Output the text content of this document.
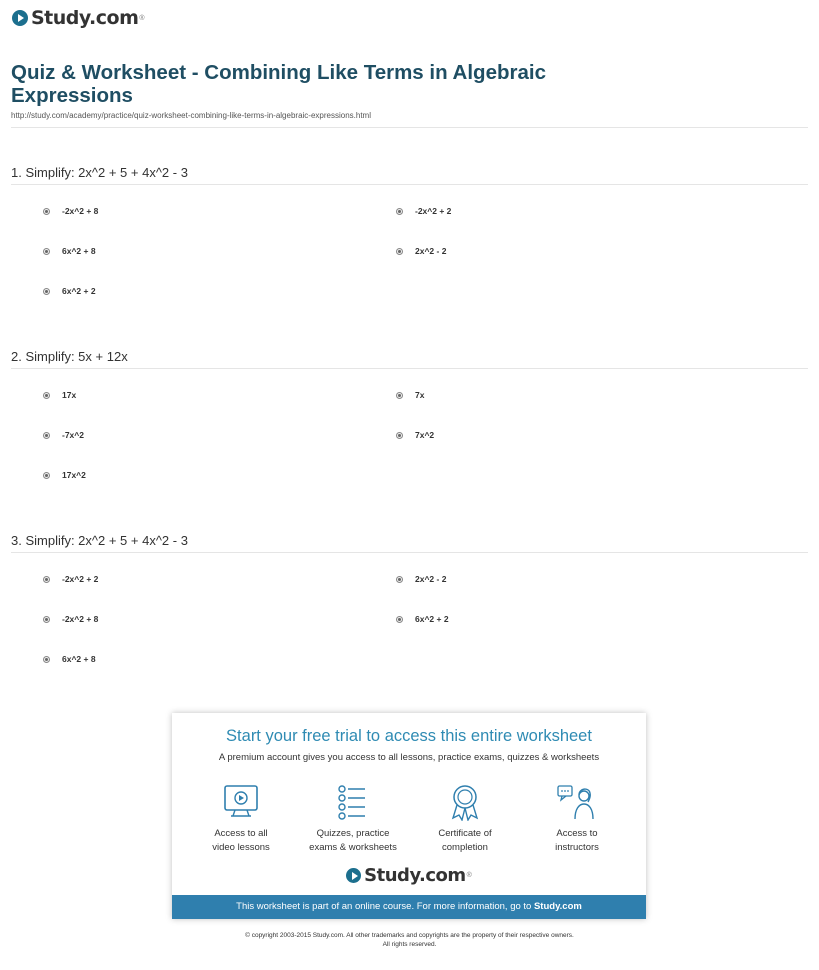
Study.com ®
Quiz & Worksheet - Combining Like Terms in Algebraic Expressions
http://study.com/academy/practice/quiz-worksheet-combining-like-terms-in-algebraic-expressions.html
1. Simplify: 2x^2 + 5 + 4x^2 - 3
-2x^2 + 8	-2x^2 + 2
6x^2 + 8	2x^2 - 2
6x^2 + 2
2. Simplify: 5x + 12x
17x	7x
-7x^2	7x^2
17x^2
3. Simplify: 2x^2 + 5 + 4x^2 - 3
-2x^2 + 2	2x^2 - 2
-2x^2 + 8	6x^2 + 2
6x^2 + 8
Start your free trial to access this entire worksheet
A premium account gives you access to all lessons, practice exams, quizzes & worksheets
Access to all
video lessons
Quizzes, practice
exams & worksheets
Certificate of
completion
Access to
instructors
Study.com ®
This worksheet is part of an online course. For more information, go to Study.com
© copyright 2003-2015 Study.com. All other trademarks and copyrights are the property of their respective owners.
All rights reserved.
